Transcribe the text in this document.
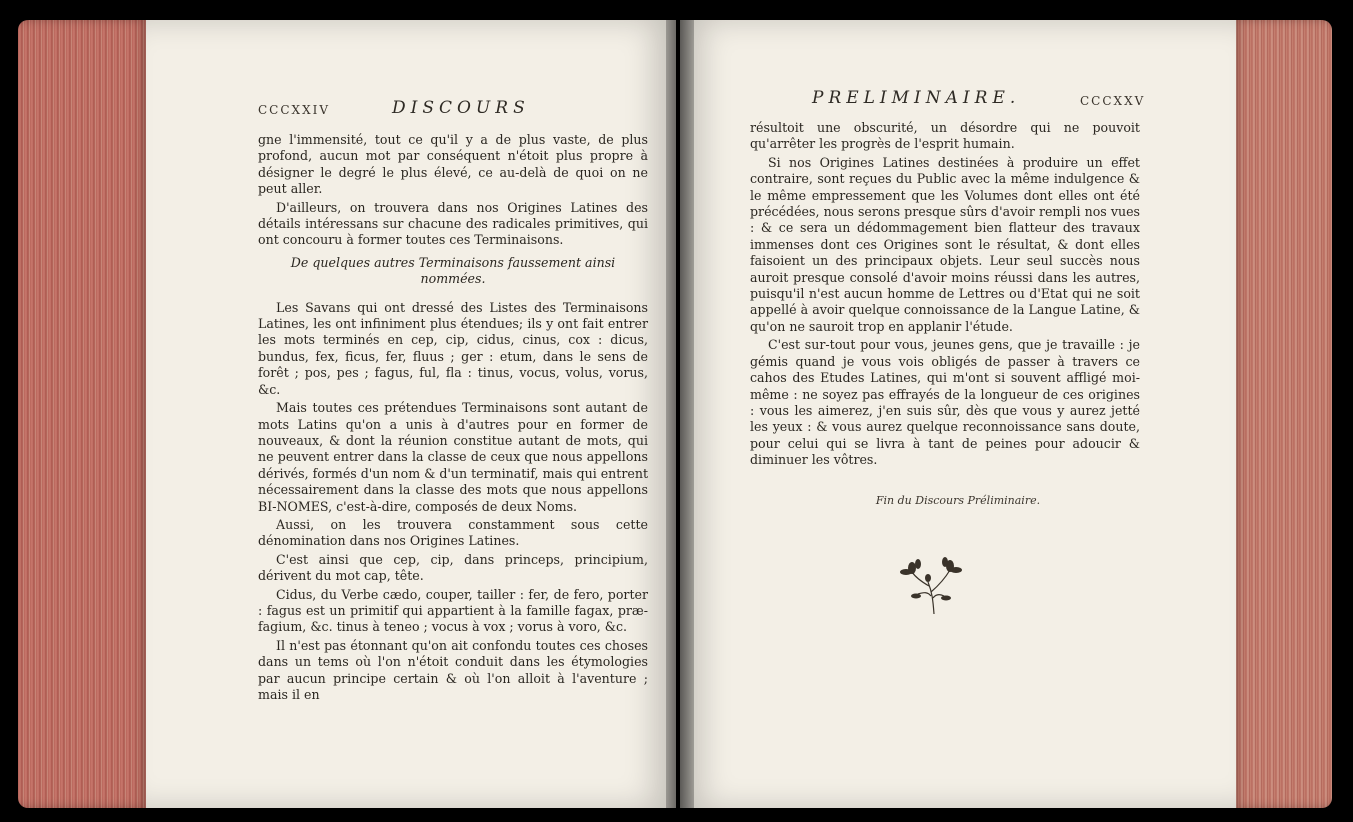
CCCXXIV	DISCOURS

gne l'immensité, tout ce qu'il y a de plus vaste, de plus profond, aucun mot par conséquent n'étoit plus propre à désigner le degré le plus élevé, ce au-delà de quoi on ne peut aller.

D'ailleurs, on trouvera dans nos Origines Latines des détails intéressans sur chacune des radicales primitives, qui ont concouru à former toutes ces Terminaisons.

De quelques autres Terminaisons faussement ainsi nommées.

Les Savans qui ont dressé des Listes des Terminaisons Latines, les ont infiniment plus étendues; ils y ont fait entrer les mots terminés en cep, cip, cidus, cinus, cox : dicus, bundus, fex, ficus, fer, fluus ; ger : etum, dans le sens de forêt ; pos, pes ; fagus, ful, fla : tinus, vocus, volus, vorus, &c.

Mais toutes ces prétendues Terminaisons sont autant de mots Latins qu'on a unis à d'autres pour en former de nouveaux, & dont la réunion constitue autant de mots, qui ne peuvent entrer dans la classe de ceux que nous appellons dérivés, formés d'un nom & d'un terminatif, mais qui entrent nécessairement dans la classe des mots que nous appellons BI-NOMES, c'est-à-dire, composés de deux Noms.

Aussi, on les trouvera constamment sous cette dénomination dans nos Origines Latines.

C'est ainsi que cep, cip, dans princeps, principium, dérivent du mot cap, tête.

Cidus, du Verbe cædo, couper, tailler : fer, de fero, porter : fagus est un primitif qui appartient à la famille fagax, præ-fagium, &c. tinus à teneo ; vocus à vox ; vorus à voro, &c.

Il n'est pas étonnant qu'on ait confondu toutes ces choses dans un tems où l'on n'étoit conduit dans les étymologies par aucun principe certain & où l'on alloit à l'aventure ; mais il en

PRELIMINAIRE.	CCCXXV

résultoit une obscurité, un désordre qui ne pouvoit qu'arrêter les progrès de l'esprit humain.

Si nos Origines Latines destinées à produire un effet contraire, sont reçues du Public avec la même indulgence & le même empressement que les Volumes dont elles ont été précédées, nous serons presque sûrs d'avoir rempli nos vues : & ce sera un dédommagement bien flatteur des travaux immenses dont ces Origines sont le résultat, & dont elles faisoient un des principaux objets. Leur seul succès nous auroit presque consolé d'avoir moins réussi dans les autres, puisqu'il n'est aucun homme de Lettres ou d'Etat qui ne soit appellé à avoir quelque connoissance de la Langue Latine, & qu'on ne sauroit trop en applanir l'étude.

C'est sur-tout pour vous, jeunes gens, que je travaille : je gémis quand je vous vois obligés de passer à travers ce cahos des Etudes Latines, qui m'ont si souvent affligé moi-même : ne soyez pas effrayés de la longueur de ces origines : vous les aimerez, j'en suis sûr, dès que vous y aurez jetté les yeux : & vous aurez quelque reconnoissance sans doute, pour celui qui se livra à tant de peines pour adoucir & diminuer les vôtres.

Fin du Discours Préliminaire.
